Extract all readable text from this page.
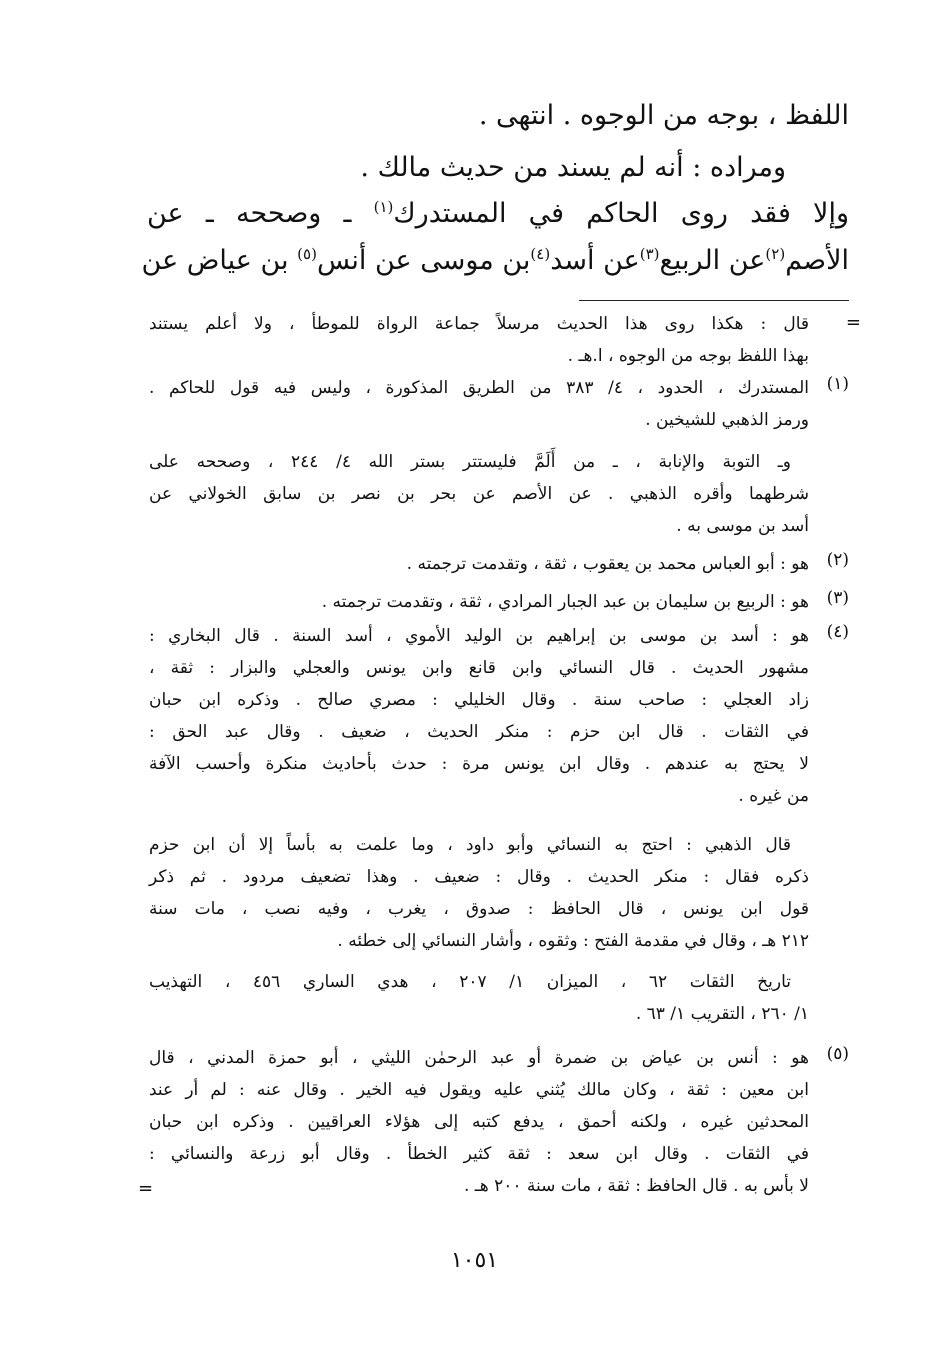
اللفظ ، بوجه من الوجوه . انتهى .
ومراده : أنه لم يسند من حديث مالك .
وإلا فقد روى الحاكم في المستدرك$^{(١)}$ ـ وصححه ـ عن
الأصم$^{(٢)}$عن الربيع$^{(٣)}$عن أسد$^{(٤)}$بن موسى عن أنس$^{(٥)}$ بن عياض عن
=
قال : هكذا روى هذا الحديث مرسلاً جماعة الرواة للموطأ ، ولا أعلم يستند
بهذا اللفظ بوجه من الوجوه ، ا.هـ .
(١)
المستدرك ، الحدود ، ٤/ ٣٨٣ من الطريق المذكورة ، وليس فيه قول للحاكم .
ورمز الذهبي للشيخين .
وـ التوبة والإنابة ، ـ من أَلَمَّ فليستتر بستر الله ٤/ ٢٤٤ ، وصححه على
شرطهما وأقره الذهبي . عن الأصم عن بحر بن نصر بن سابق الخولاني عن
أسد بن موسى به .
(٢)
هو : أبو العباس محمد بن يعقوب ، ثقة ، وتقدمت ترجمته .
(٣)
هو : الربيع بن سليمان بن عبد الجبار المرادي ، ثقة ، وتقدمت ترجمته .
(٤)
هو : أسد بن موسى بن إبراهيم بن الوليد الأموي ، أسد السنة . قال البخاري :
مشهور الحديث . قال النسائي وابن قانع وابن يونس والعجلي والبزار : ثقة ،
زاد العجلي : صاحب سنة . وقال الخليلي : مصري صالح . وذكره ابن حبان
في الثقات . قال ابن حزم : منكر الحديث ، ضعيف . وقال عبد الحق :
لا يحتج به عندهم . وقال ابن يونس مرة : حدث بأحاديث منكرة وأحسب الآفة
من غيره .
قال الذهبي : احتج به النسائي وأبو داود ، وما علمت به بأساً إلا أن ابن حزم
ذكره فقال : منكر الحديث . وقال : ضعيف . وهذا تضعيف مردود . ثم ذكر
قول ابن يونس ، قال الحافظ : صدوق ، يغرب ، وفيه نصب ، مات سنة
٢١٢ هـ ، وقال في مقدمة الفتح : وثقوه ، وأشار النسائي إلى خطئه .
تاريخ الثقات ٦٢ ، الميزان ١/ ٢٠٧ ، هدي الساري ٤٥٦ ، التهذيب
١/ ٢٦٠ ، التقريب ١/ ٦٣ .
(٥)
هو : أنس بن عياض بن ضمرة أو عبد الرحمٰن الليثي ، أبو حمزة المدني ، قال
ابن معين : ثقة ، وكان مالك يُثني عليه ويقول فيه الخير . وقال عنه : لم أر عند
المحدثين غيره ، ولكنه أحمق ، يدفع كتبه إلى هؤلاء العراقيين . وذكره ابن حبان
في الثقات . وقال ابن سعد : ثقة كثير الخطأ . وقال أبو زرعة والنسائي :
لا بأس به . قال الحافظ : ثقة ، مات سنة ٢٠٠ هـ .
=
١٠٥١
